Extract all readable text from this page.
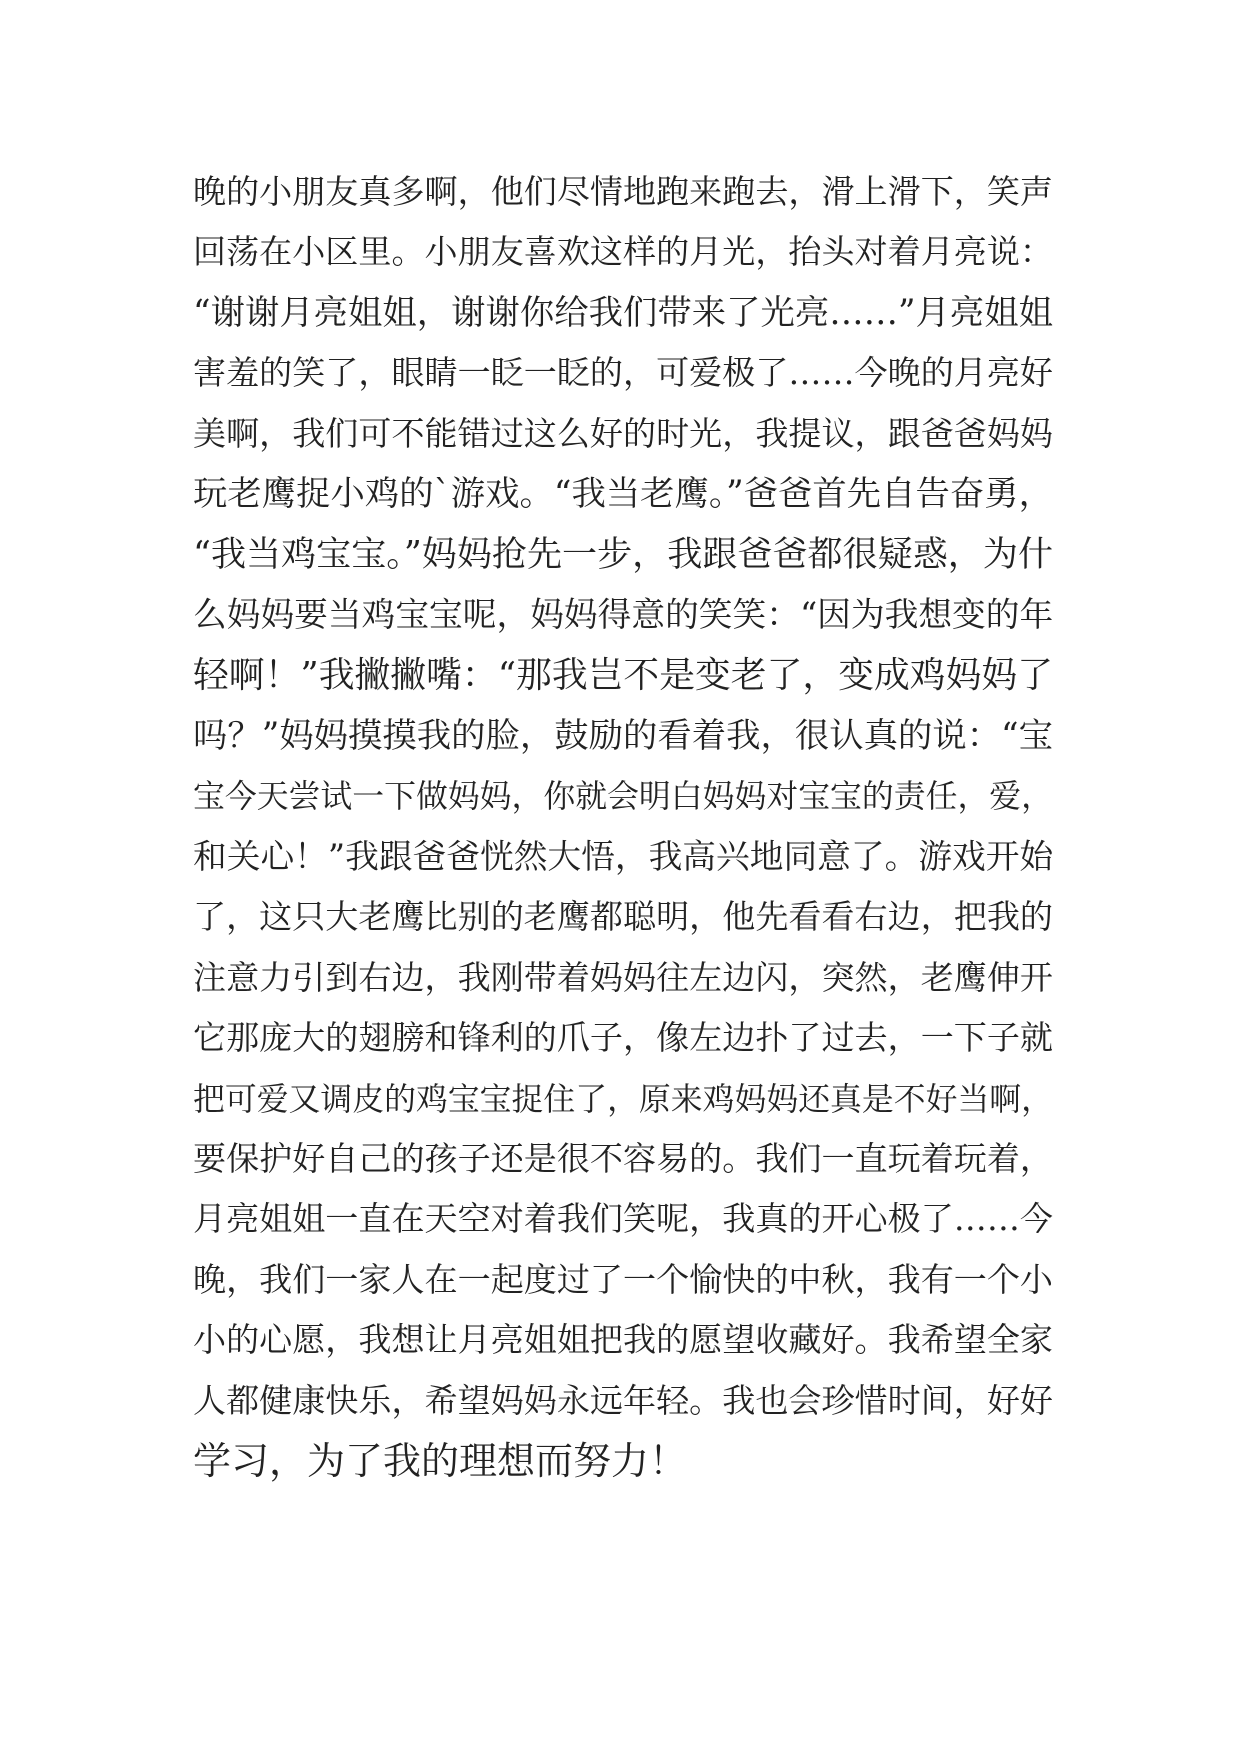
晚的小朋友真多啊，他们尽情地跑来跑去，滑上滑下，笑声
回荡在小区里。小朋友喜欢这样的月光，抬头对着月亮说：
“谢谢月亮姐姐，谢谢你给我们带来了光亮……”月亮姐姐
害羞的笑了，眼睛一眨一眨的，可爱极了……今晚的月亮好
美啊，我们可不能错过这么好的时光，我提议，跟爸爸妈妈
玩老鹰捉小鸡的`游戏。“我当老鹰。”爸爸首先自告奋勇，
“我当鸡宝宝。”妈妈抢先一步，我跟爸爸都很疑惑，为什
么妈妈要当鸡宝宝呢，妈妈得意的笑笑：“因为我想变的年
轻啊！”我撇撇嘴：“那我岂不是变老了，变成鸡妈妈了
吗？”妈妈摸摸我的脸，鼓励的看着我，很认真的说：“宝
宝今天尝试一下做妈妈，你就会明白妈妈对宝宝的责任，爱，
和关心！”我跟爸爸恍然大悟，我高兴地同意了。游戏开始
了，这只大老鹰比别的老鹰都聪明，他先看看右边，把我的
注意力引到右边，我刚带着妈妈往左边闪，突然，老鹰伸开
它那庞大的翅膀和锋利的爪子，像左边扑了过去，一下子就
把可爱又调皮的鸡宝宝捉住了，原来鸡妈妈还真是不好当啊，
要保护好自己的孩子还是很不容易的。我们一直玩着玩着，
月亮姐姐一直在天空对着我们笑呢，我真的开心极了……今
晚，我们一家人在一起度过了一个愉快的中秋，我有一个小
小的心愿，我想让月亮姐姐把我的愿望收藏好。我希望全家
人都健康快乐，希望妈妈永远年轻。我也会珍惜时间，好好
学习，为了我的理想而努力！
